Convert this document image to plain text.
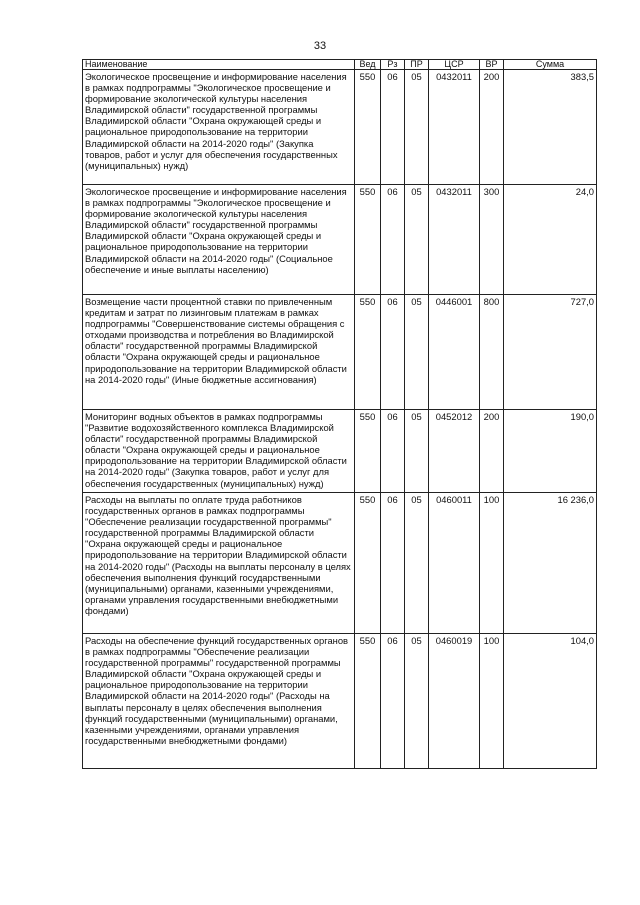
33
Наименование	Вед	Рз	ПР	ЦСР	ВР	Сумма
Экологическое просвещение и информирование населения в рамках подпрограммы "Экологическое просвещение и формирование экологической культуры населения Владимирской области" государственной программы Владимирской области "Охрана окружающей среды и рациональное природопользование на территории Владимирской области на 2014-2020 годы" (Закупка товаров, работ и услуг для обеспечения государственных (муниципальных) нужд)	550	06	05	0432011	200	383,5
Экологическое просвещение и информирование населения в рамках подпрограммы "Экологическое просвещение и формирование экологической культуры населения Владимирской области" государственной программы Владимирской области "Охрана окружающей среды и рациональное природопользование на территории Владимирской области на 2014-2020 годы" (Социальное обеспечение и иные выплаты населению)	550	06	05	0432011	300	24,0
Возмещение части процентной ставки по привлеченным кредитам и затрат по лизинговым платежам в рамках подпрограммы "Совершенствование системы обращения с отходами производства и потребления во Владимирской области" государственной программы Владимирской области "Охрана окружающей среды и рациональное природопользование на территории Владимирской области на 2014-2020 годы" (Иные бюджетные ассигнования)	550	06	05	0446001	800	727,0
Мониторинг водных объектов в рамках подпрограммы "Развитие водохозяйственного комплекса Владимирской области" государственной программы Владимирской области "Охрана окружающей среды и рациональное природопользование на территории Владимирской области на 2014-2020 годы" (Закупка товаров, работ и услуг для обеспечения государственных (муниципальных) нужд)	550	06	05	0452012	200	190,0
Расходы на выплаты по оплате труда работников государственных органов в рамках подпрограммы "Обеспечение реализации государственной программы" государственной программы Владимирской области "Охрана окружающей среды и рациональное природопользование на территории Владимирской области на 2014-2020 годы" (Расходы на выплаты персоналу в целях обеспечения выполнения функций государственными (муниципальными) органами, казенными учреждениями, органами управления государственными внебюджетными фондами)	550	06	05	0460011	100	16 236,0
Расходы на обеспечение функций государственных органов в рамках подпрограммы "Обеспечение реализации государственной программы" государственной программы Владимирской области "Охрана окружающей среды и рациональное природопользование на территории Владимирской области на 2014-2020 годы" (Расходы на выплаты персоналу в целях обеспечения выполнения функций государственными (муниципальными) органами, казенными учреждениями, органами управления государственными внебюджетными фондами)	550	06	05	0460019	100	104,0
